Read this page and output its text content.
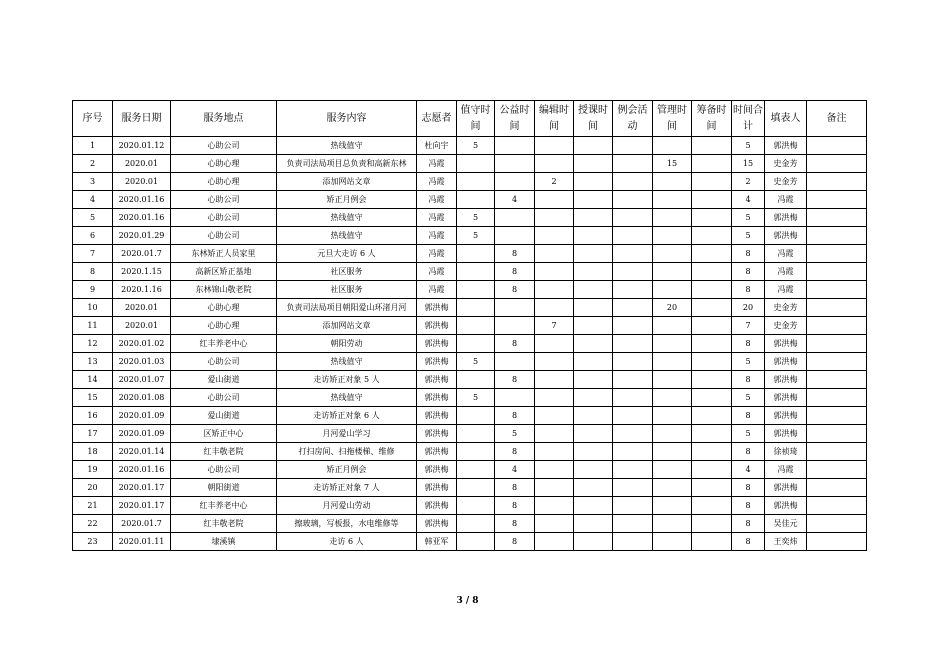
序号	服务日期	服务地点	服务内容	志愿者	值守时间	公益时间	编辑时间	授课时间	例会活动	管理时间	筹备时间	时间合计	填表人	备注
1	2020.01.12	心助公司	热线值守	杜向宇	5							5	郭洪梅	
2	2020.01	心助心理	负责司法局项目总负责和高新东林	冯霞						15		15	史金芳	
3	2020.01	心助心理	添加网站文章	冯霞			2					2	史金芳	
4	2020.01.16	心助公司	矫正月例会	冯霞		4						4	冯霞	
5	2020.01.16	心助公司	热线值守	冯霞	5							5	郭洪梅	
6	2020.01.29	心助公司	热线值守	冯霞	5							5	郭洪梅	
7	2020.01.7	东林矫正人员家里	元旦大走访 6 人	冯霞		8						8	冯霞	
8	2020.1.15	高新区矫正基地	社区服务	冯霞		8						8	冯霞	
9	2020.1.16	东林锦山敬老院	社区服务	冯霞		8						8	冯霞	
10	2020.01	心助心理	负责司法局项目朝阳爱山环渚月河	郭洪梅						20		20	史金芳	
11	2020.01	心助心理	添加网站文章	郭洪梅			7					7	史金芳	
12	2020.01.02	红丰养老中心	朝阳劳动	郭洪梅		8						8	郭洪梅	
13	2020.01.03	心助公司	热线值守	郭洪梅	5							5	郭洪梅	
14	2020.01.07	爱山街道	走访矫正对象 5 人	郭洪梅		8						8	郭洪梅	
15	2020.01.08	心助公司	热线值守	郭洪梅	5							5	郭洪梅	
16	2020.01.09	爱山街道	走访矫正对象 6 人	郭洪梅		8						8	郭洪梅	
17	2020.01.09	区矫正中心	月河爱山学习	郭洪梅		5						5	郭洪梅	
18	2020.01.14	红丰敬老院	打扫房间、扫拖楼梯、维修	郭洪梅		8						8	徐祯琦	
19	2020.01.16	心助公司	矫正月例会	郭洪梅		4						4	冯霞	
20	2020.01.17	朝阳街道	走访矫正对象 7 人	郭洪梅		8						8	郭洪梅	
21	2020.01.17	红丰养老中心	月河爱山劳动	郭洪梅		8						8	郭洪梅	
22	2020.01.7	红丰敬老院	擦玻璃，写板报，水电维修等	郭洪梅		8						8	吴佳元	
23	2020.01.11	埭溪镇	走访 6 人	韩亚军		8						8	王奕炜	
3 / 8
